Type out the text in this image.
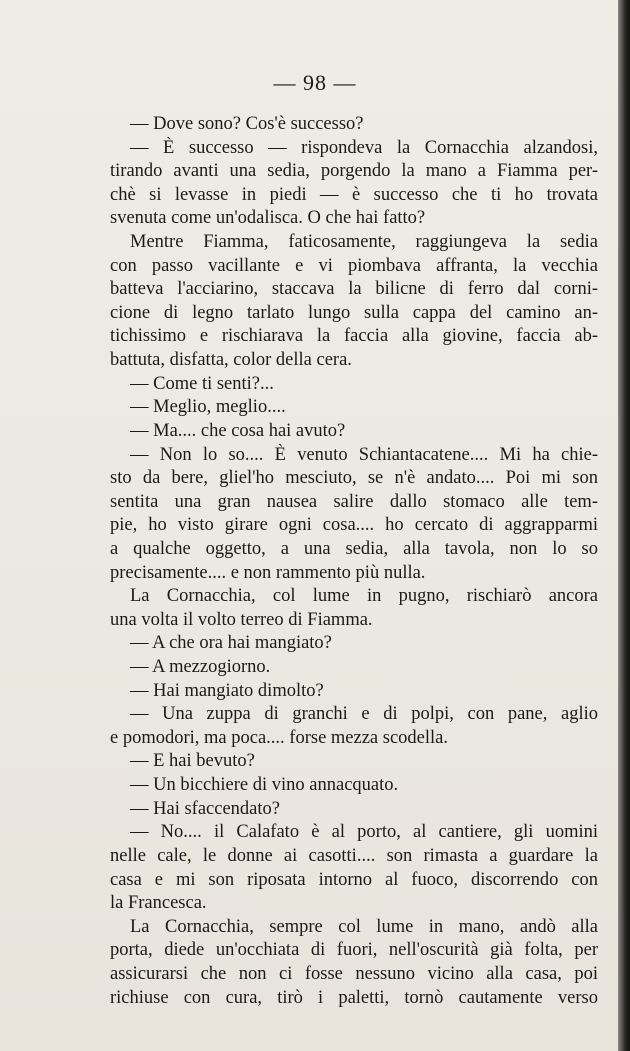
— 98 —
— Dove sono? Cos'è successo?
— È successo — rispondeva la Cornacchia alzandosi,
tirando avanti una sedia, porgendo la mano a Fiamma per-
chè si levasse in piedi — è successo che ti ho trovata
svenuta come un'odalisca. O che hai fatto?
Mentre Fiamma, faticosamente, raggiungeva la sedia
con passo vacillante e vi piombava affranta, la vecchia
batteva l'acciarino, staccava la bilicne di ferro dal corni-
cione di legno tarlato lungo sulla cappa del camino an-
tichissimo e rischiarava la faccia alla giovine, faccia ab-
battuta, disfatta, color della cera.
— Come ti senti?...
— Meglio, meglio....
— Ma.... che cosa hai avuto?
— Non lo so.... È venuto Schiantacatene.... Mi ha chie-
sto da bere, gliel'ho mesciuto, se n'è andato.... Poi mi son
sentita una gran nausea salire dallo stomaco alle tem-
pie, ho visto girare ogni cosa.... ho cercato di aggrapparmi
a qualche oggetto, a una sedia, alla tavola, non lo so
precisamente.... e non rammento più nulla.
La Cornacchia, col lume in pugno, rischiarò ancora
una volta il volto terreo di Fiamma.
— A che ora hai mangiato?
— A mezzogiorno.
— Hai mangiato dimolto?
— Una zuppa di granchi e di polpi, con pane, aglio
e pomodori, ma poca.... forse mezza scodella.
— E hai bevuto?
— Un bicchiere di vino annacquato.
— Hai sfaccendato?
— No.... il Calafato è al porto, al cantiere, gli uomini
nelle cale, le donne ai casotti.... son rimasta a guardare la
casa e mi son riposata intorno al fuoco, discorrendo con
la Francesca.
La Cornacchia, sempre col lume in mano, andò alla
porta, diede un'occhiata di fuori, nell'oscurità già folta, per
assicurarsi che non ci fosse nessuno vicino alla casa, poi
richiuse con cura, tirò i paletti, tornò cautamente verso
